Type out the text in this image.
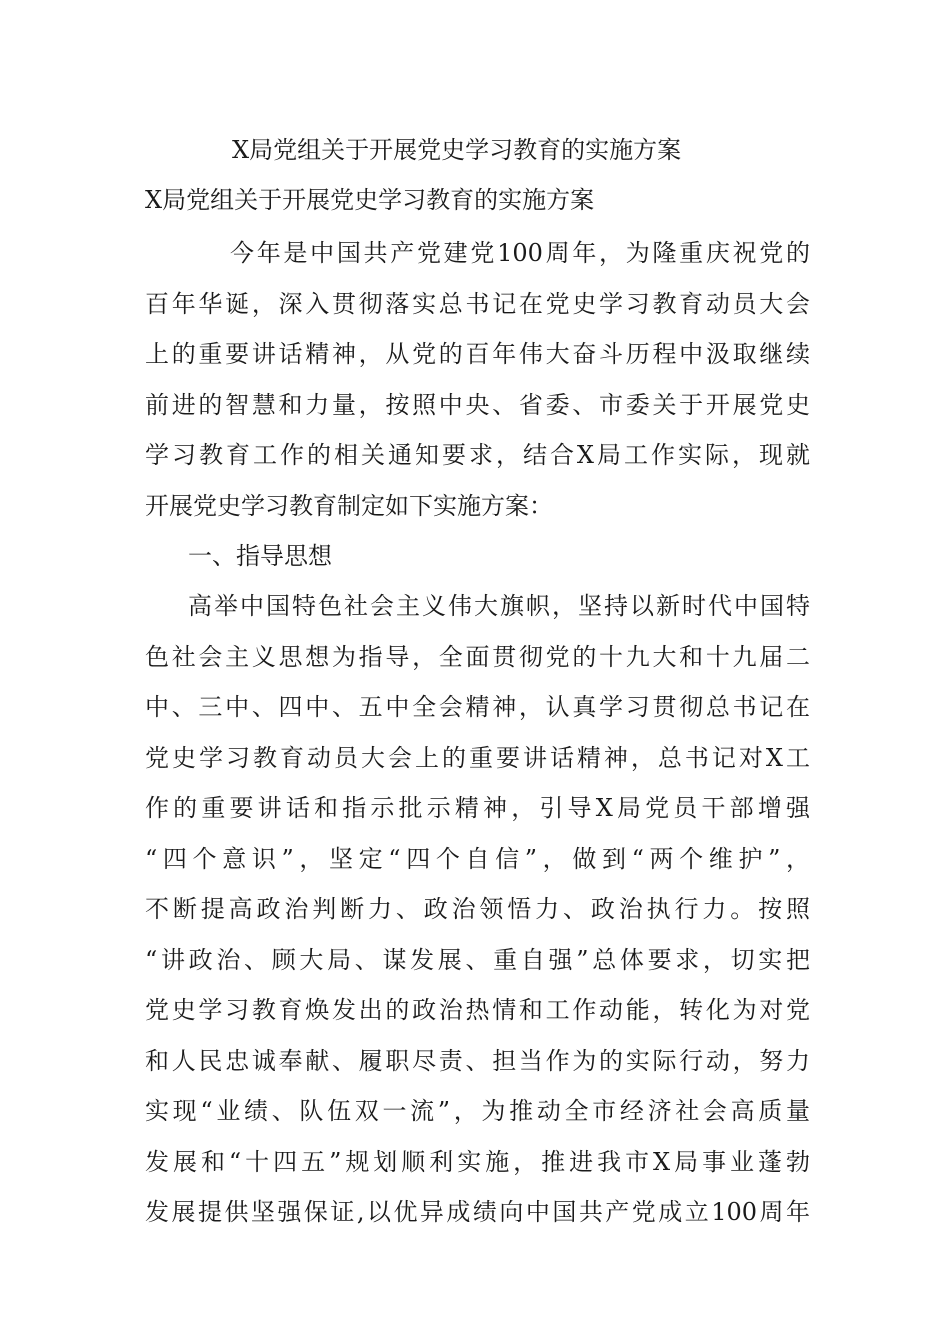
X局党组关于开展党史学习教育的实施方案
X局党组关于开展党史学习教育的实施方案
今年是中国共产党建党100周年，为隆重庆祝党的
百年华诞，深入贯彻落实总书记在党史学习教育动员大会
上的重要讲话精神，从党的百年伟大奋斗历程中汲取继续
前进的智慧和力量，按照中央、省委、市委关于开展党史
学习教育工作的相关通知要求，结合X局工作实际，现就
开展党史学习教育制定如下实施方案：
一、指导思想
高举中国特色社会主义伟大旗帜，坚持以新时代中国特
色社会主义思想为指导，全面贯彻党的十九大和十九届二
中、三中、四中、五中全会精神，认真学习贯彻总书记在
党史学习教育动员大会上的重要讲话精神，总书记对X工
作的重要讲话和指示批示精神，引导X局党员干部增强
“四个意识”，坚定“四个自信”，做到“两个维护”，
不断提高政治判断力、政治领悟力、政治执行力。按照
“讲政治、顾大局、谋发展、重自强”总体要求，切实把
党史学习教育焕发出的政治热情和工作动能，转化为对党
和人民忠诚奉献、履职尽责、担当作为的实际行动，努力
实现“业绩、队伍双一流”，为推动全市经济社会高质量
发展和“十四五”规划顺利实施，推进我市X局事业蓬勃
发展提供坚强保证,以优异成绩向中国共产党成立100周年
